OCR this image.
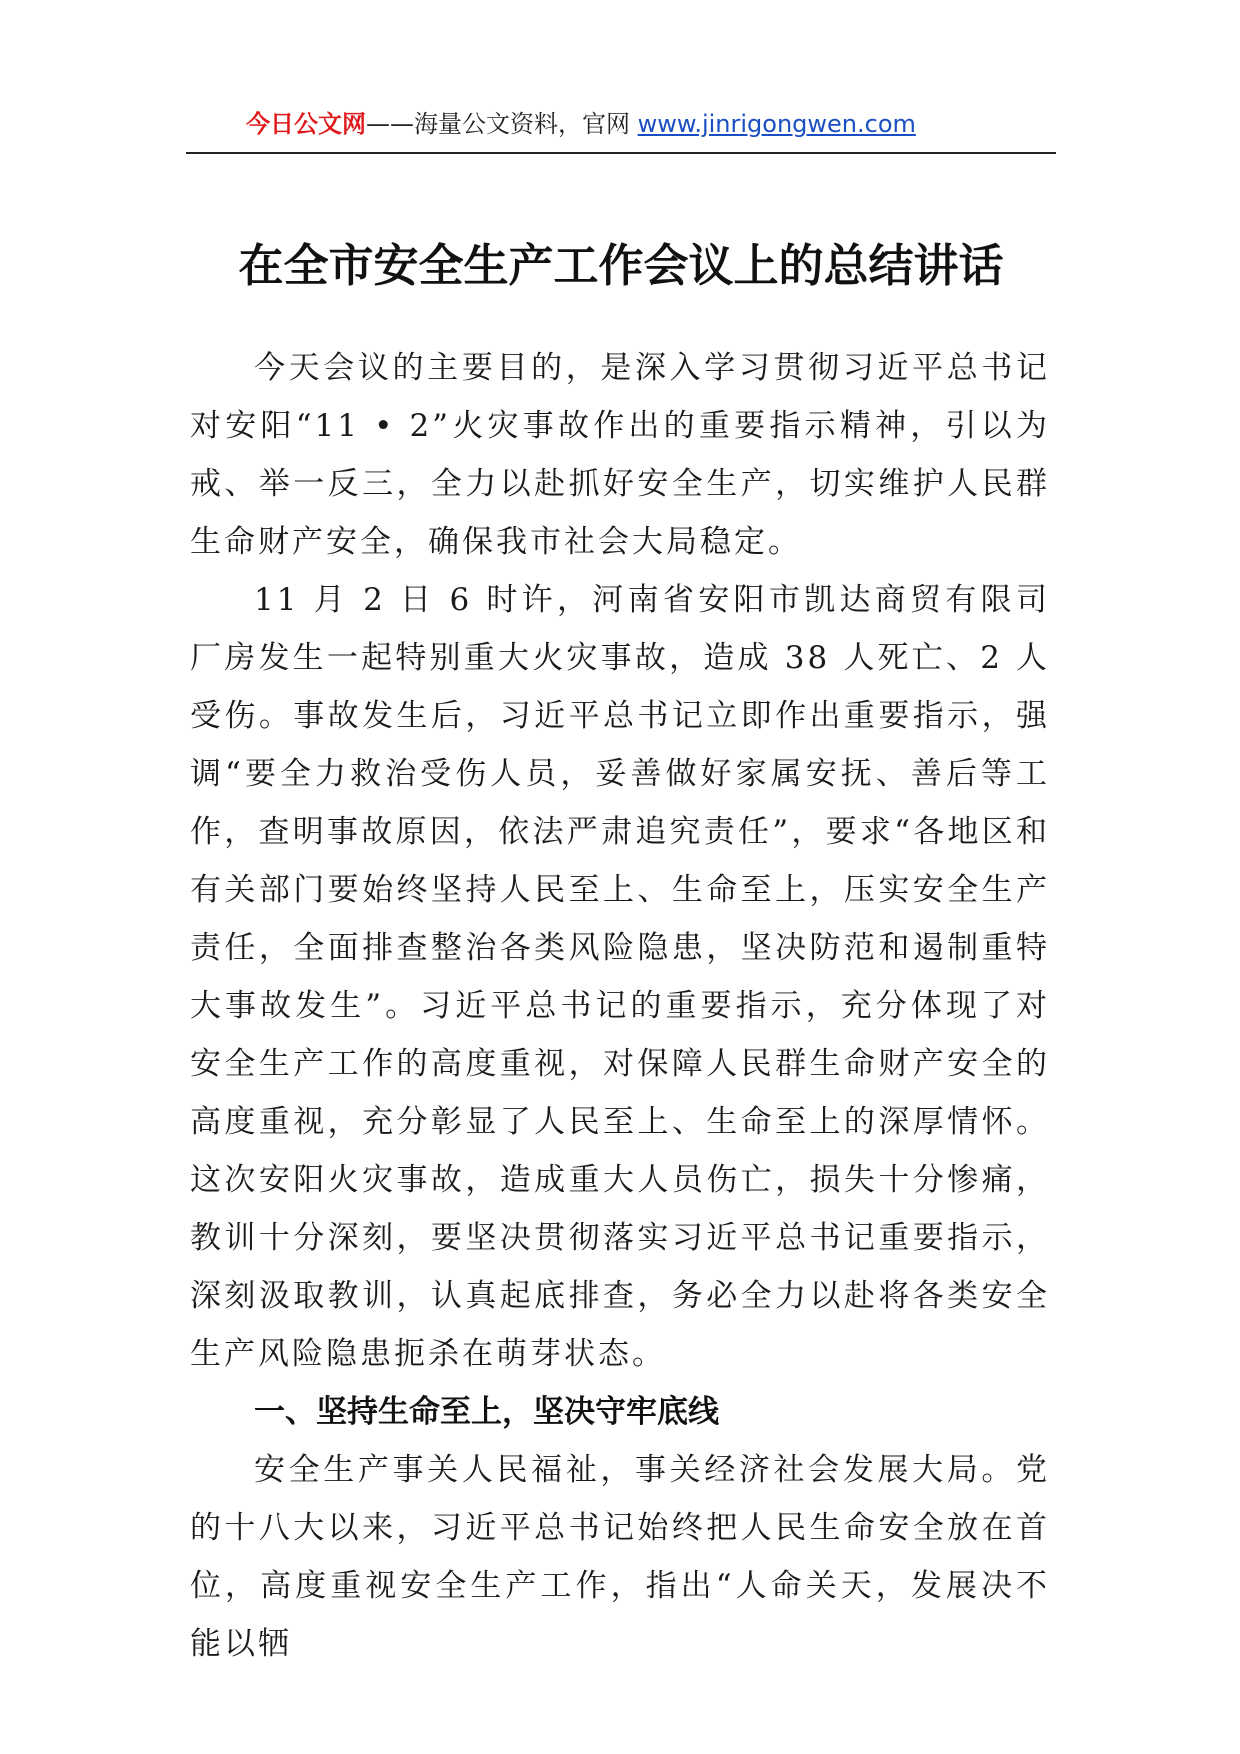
今日公文网——海量公文资料，官网 www.jinrigongwen.com
在全市安全生产工作会议上的总结讲话

今天会议的主要目的，是深入学习贯彻习近平总书记对安阳“11 • 2”火灾事故作出的重要指示精神，引以为戒、举一反三，全力以赴抓好安全生产，切实维护人民群生命财产安全，确保我市社会大局稳定。

11 月 2 日 6 时许，河南省安阳市凯达商贸有限司厂房发生一起特别重大火灾事故，造成 38 人死亡、2 人受伤。事故发生后，习近平总书记立即作出重要指示，强调“要全力救治受伤人员，妥善做好家属安抚、善后等工作，查明事故原因，依法严肃追究责任”，要求“各地区和有关部门要始终坚持人民至上、生命至上，压实安全生产责任，全面排查整治各类风险隐患，坚决防范和遏制重特大事故发生”。习近平总书记的重要指示，充分体现了对安全生产工作的高度重视，对保障人民群生命财产安全的高度重视，充分彰显了人民至上、生命至上的深厚情怀。这次安阳火灾事故，造成重大人员伤亡，损失十分惨痛，教训十分深刻，要坚决贯彻落实习近平总书记重要指示，深刻汲取教训，认真起底排查，务必全力以赴将各类安全生产风险隐患扼杀在萌芽状态。

一、坚持生命至上，坚决守牢底线

安全生产事关人民福祉，事关经济社会发展大局。党的十八大以来，习近平总书记始终把人民生命安全放在首位，高度重视安全生产工作，指出“人命关天，发展决不能以牺
